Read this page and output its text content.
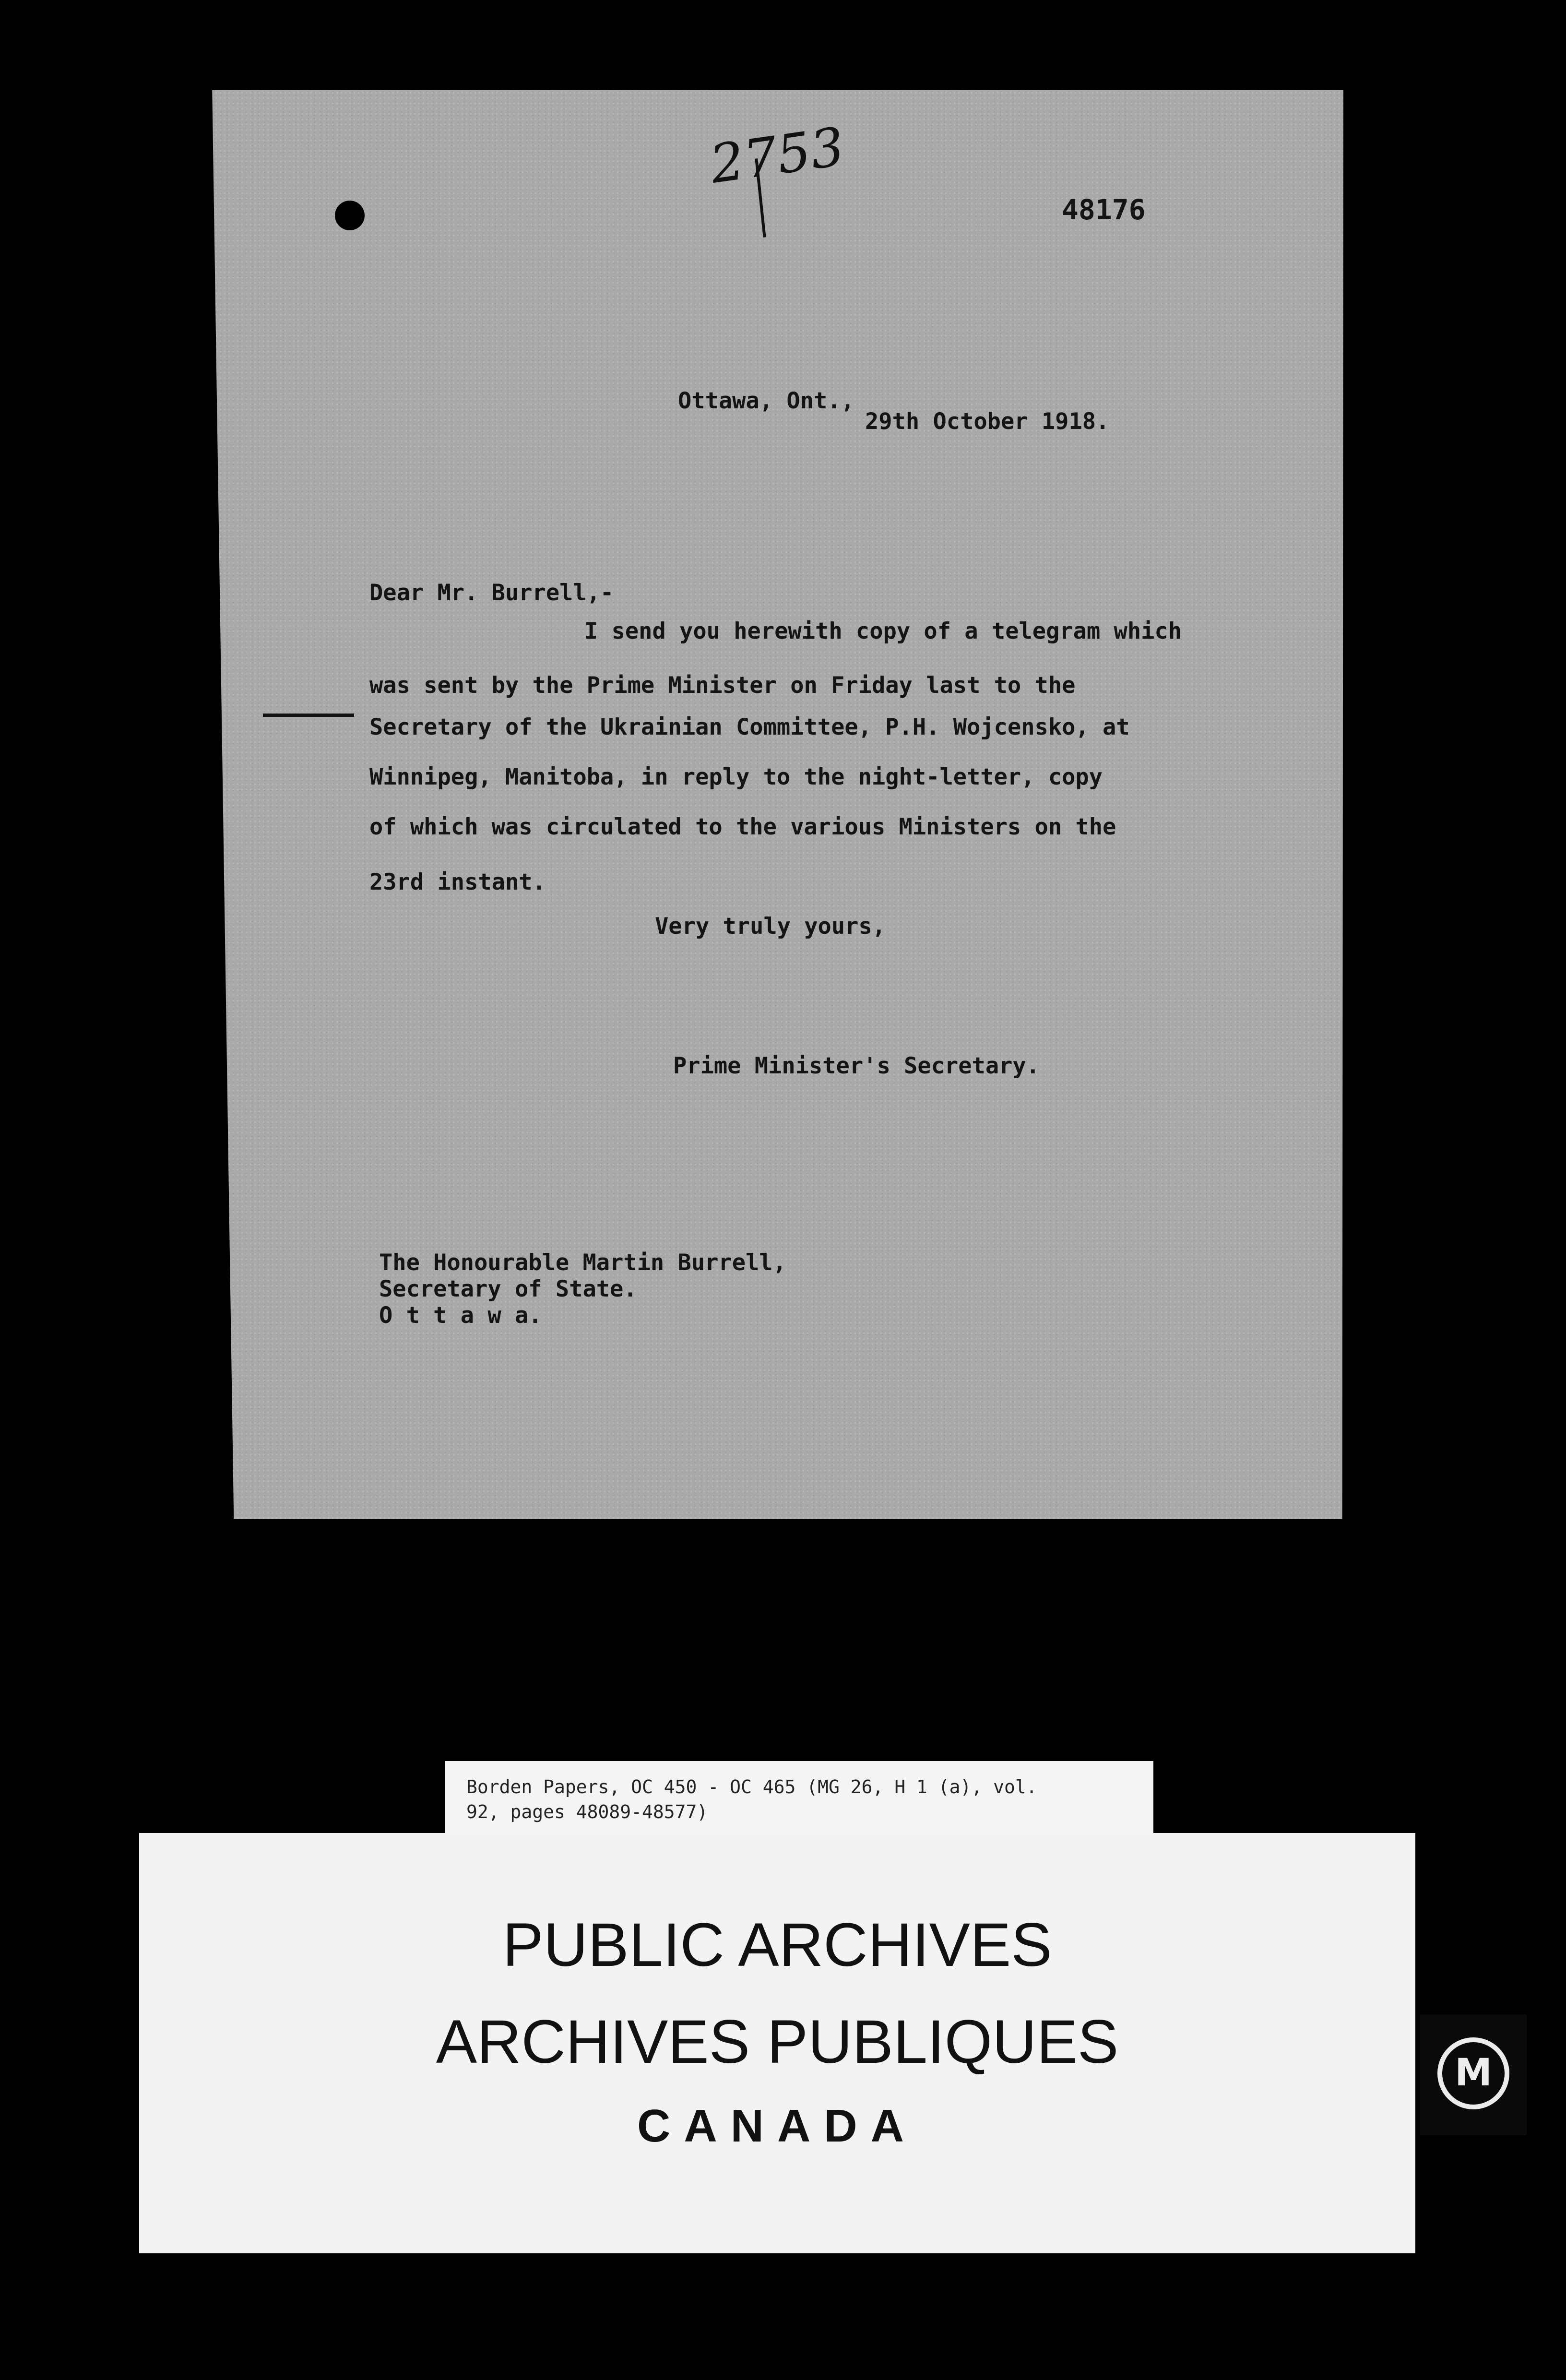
2753
48176
Ottawa, Ont.,
29th October 1918.
Dear Mr. Burrell,-
I send you herewith copy of a telegram which
was sent by the Prime Minister on Friday last to the
Secretary of the Ukrainian Committee, P.H. Wojcensko, at
Winnipeg, Manitoba, in reply to the night-letter, copy
of which was circulated to the various Ministers on the
23rd instant.
Very truly yours,
Prime Minister's Secretary.
The Honourable Martin Burrell,
Secretary of State.
O t t a w a.
Borden Papers, OC 450 - OC 465 (MG 26, H 1 (a), vol.
92, pages 48089-48577)
PUBLIC ARCHIVES
ARCHIVES PUBLIQUES
CANADA
M
